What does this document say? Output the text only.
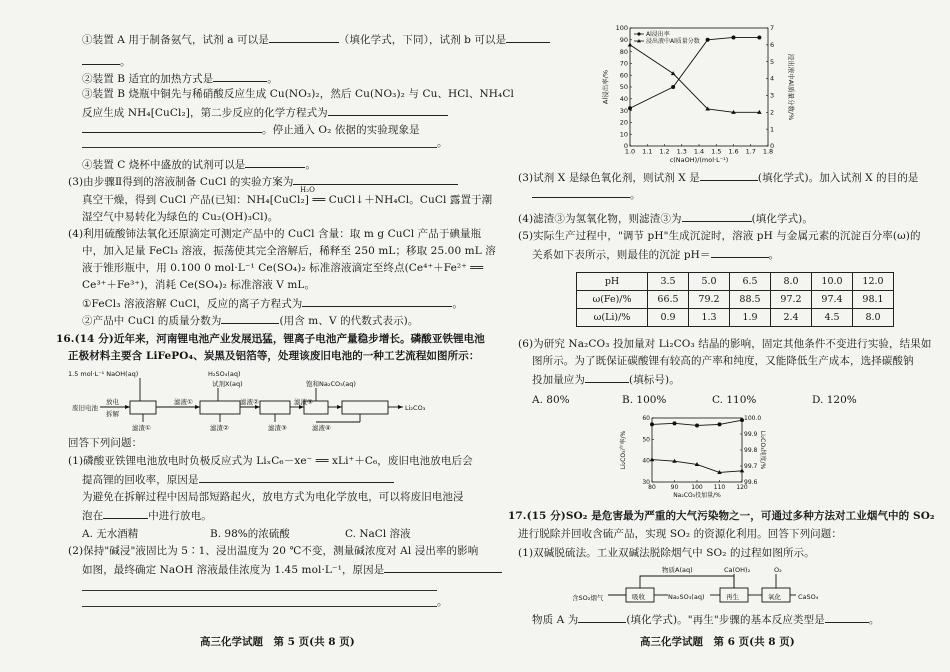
①装置 A 用于制备氨气，试剂 a 可以是	（填化学式，下同），试剂 b 可以是
。
②装置 B 适宜的加热方式是	。
③装置 B 烧瓶中铜先与稀硝酸反应生成 Cu(NO₃)₂，然后 Cu(NO₃)₂ 与 Cu、HCl、NH₄Cl
反应生成 NH₄[CuCl₂]，第二步反应的化学方程式为
。停止通入 O₂ 依据的实验现象是
。
④装置 C 烧杯中盛放的试剂可以是	。
(3)由步骤Ⅱ得到的溶液制备 CuCl 的实验方案为
真空干燥，得到 CuCl 产品(已知：NH₄[CuCl₂] ══ CuCl↓＋NH₄Cl。CuCl 露置于潮
H₂O
湿空气中易转化为绿色的 Cu₂(OH)₃Cl)。
(4)利用硫酸铈法氧化还原滴定可测定产品中的 CuCl 含量：取 m g CuCl 产品于碘量瓶
中，加入足量 FeCl₃ 溶液，振荡使其完全溶解后，稀释至 250 mL；移取 25.00 mL 溶
液于锥形瓶中，用 0.100 0 mol·L⁻¹ Ce(SO₄)₂ 标准溶液滴定至终点(Ce⁴⁺＋Fe²⁺ ══
Ce³⁺＋Fe³⁺)，消耗 Ce(SO₄)₂ 标准溶液 V mL。
①FeCl₃ 溶液溶解 CuCl，反应的离子方程式为	。
②产品中 CuCl 的质量分数为	(用含 m、V 的代数式表示)。
16.(14 分)近年来，河南锂电池产业发展迅猛，锂离子电池产量稳步增长。磷酸亚铁锂电池
正极材料主要含 LiFePO₄、炭黑及铝箔等，处理该废旧电池的一种工艺流程如图所示：
1.5 mol·L⁻¹ NaOH(aq)	H₂SO₄(aq)
试剂X(aq)	饱和Na₂CO₃(aq)
废旧电池
放电
拆解
滤液①	滤液②	滤液③
Li₂CO₃
滤渣①	滤渣②	滤渣③	滤液④
回答下列问题：
(1)磷酸亚铁锂电池放电时负极反应式为 LiₓC₆－xe⁻ ══ xLi⁺＋C₆，废旧电池放电后会
提高锂的回收率，原因是
为避免在拆解过程中因局部短路起火，放电方式为电化学放电，可以将废旧电池浸
泡在	中进行放电。
A. 无水酒精	B. 98%的浓硫酸	C. NaCl 溶液
(2)保持"碱浸"液固比为 5∶1、浸出温度为 20 ℃不变，测量碱浓度对 Al 浸出率的影响
如图，最终确定 NaOH 溶液最佳浓度为 1.45 mol·L⁻¹，原因是
。
高三化学试题　第 5 页(共 8 页)
1.0 1.1 1.2 1.3 1.4 1.5 1.6 1.7 1.8
0
10
20
30
40
50
60
70
80
90
100
0
1
2
3
4
5
6
7
c(NaOH)/(mol·L⁻¹)
Al浸出率/%	浸出液中Al质量分数/%
Al浸出率
浸出液中Al质量分数
(3)试剂 X 是绿色氧化剂，则试剂 X 是	(填化学式)。加入试剂 X 的目的是
。
(4)滤渣③为氢氧化物，则滤渣③为	(填化学式)。
(5)实际生产过程中，"调节 pH"生成沉淀时，溶液 pH 与金属元素的沉淀百分率(ω)的
关系如下表所示，则最佳的沉淀 pH＝	。
pH	3.5	5.0	6.5	8.0	10.0	12.0
ω(Fe)/%	66.5	79.2	88.5	97.2	97.4	98.1
ω(Li)/%	0.9	1.3	1.9	2.4	4.5	8.0
(6)为研究 Na₂CO₃ 投加量对 Li₂CO₃ 结晶的影响，固定其他条件不变进行实验，结果如
图所示。为了既保证碳酸锂有较高的产率和纯度，又能降低生产成本，选择碳酸钠
投加量应为	(填标号)。
A. 80%	B. 100%	C. 110%	D. 120%
80 90 100 110 120
30
40
50
60
99.6
99.7
99.8
99.9
100.0
Na₂CO₃投加量/%
Li₂CO₃产率/%	Li₂CO₃纯度/%
17.(15 分)SO₂ 是危害最为严重的大气污染物之一，可通过多种方法对工业烟气中的 SO₂
进行脱除并回收含硫产品，实现 SO₂ 的资源化利用。回答下列问题：
(1)双碱脱硫法。工业双碱法脱除烟气中 SO₂ 的过程如图所示。
物质A(aq)	Ca(OH)₂	O₂
含SO₂烟气	吸收	Na₂SO₃(aq)	再生	氧化	CaSO₄
物质 A 为	(填化学式)。"再生"步骤的基本反应类型是	。
高三化学试题　第 6 页(共 8 页)
